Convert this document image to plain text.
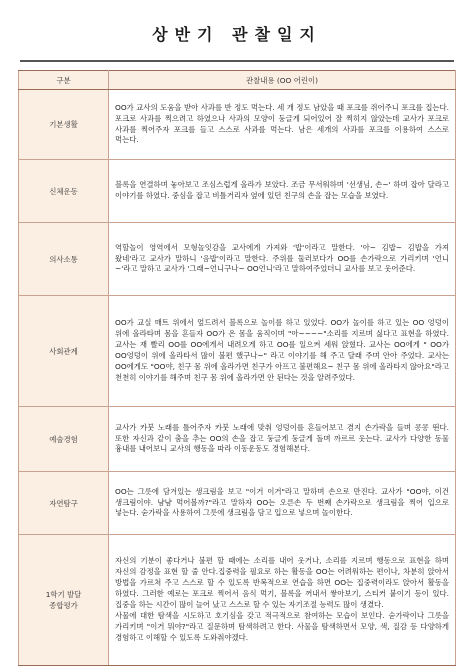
상반기 관찰일지
구분	관찰내용 (OO 어린이)
기본생활	OO가 교사의 도움을 받아 사과를 반 정도 먹는다. 세 개 정도 남았을 때 포크를 쥐어주니 포크를 집는다. 포크로 사과를 찍으려고 하였으나 사과의 모양이 둥글게 되어있어 잘 찍히지 않았는데 교사가 포크로 사과를 찍어주자 포크를 들고 스스로 사과를 먹는다. 남은 세개의 사과를 포크를 이용하여 스스로 먹는다.
신체운동	블록을 연결하며 놓아보고 조심스럽게 올라가 보았다. 조금 무서워하며 '선생님, 손~' 하며 잡아 달라고 이야기를 하였다. 중심을 잡고 비틀거리자 옆에 있던 친구의 손을 잡는 모습을 보였다.
의사소통	역할놀이 영역에서 모형놀잇감을 교사에게 가져와 '밥'이라고 말한다. '아~ 김밥~ 김밥을 가져 왔네'라고 교사가 말하니 '음밥'이라고 말한다. 주위를 둘러보다가 OO를 손가락으로 가리키며 '언니~'라고 말하고 교사가 '그래~언니구나~ OO언니'라고 말하여주었더니 교사를 보고 웃어준다.
사회관계	OO가 교실 매트 위에서 엎드려서 블록으로 놀이를 하고 있었다. OO가 놀이를 하고 있는 OO 엉덩이 위에 올라타며 몸을 흔들자 OO가 온 몸을 움직이며 "아~~~~"소리를 지르며 싫다고 표현을 하였다. 교사는 재 빨리 OO를 OO에게서 내려오게 하고 OO를 일으켜 세워 앉혔다. 교사는 OO에게 " OO가 OO엉덩이 위에 올라타서 많이 불편 했구나~" 라고 이야기를 해 주고 달래 주며 안아 주었다. 교사는 OO에게도 "OO야, 친구 몸 위에 올라가면 친구가 아프고 불편해요~ 친구 몸 위에 올라타지 않아요"라고 천천히 이야기를 해주며 친구 몸 위에 올라가면 안 된다는 것을 알려주었다.
예술경험	교사가 카붓 노래를 틀어주자 카붓 노래에 맞춰 엉덩이를 흔들어보고 겸지 손가락을 들며 콩콩 뛴다. 또한 자신과 같이 춤을 추는 OO의 손을 잡고 둥글게 둥글게 돌며 까르르 웃는다. 교사가 다양한 동물 흉내를 내어보니 교사의 행동을 따라 이동운동도 경험해본다.
자연탐구	OO는 그릇에 담겨있는 생크림을 보고 "이거 이거"라고 말하며 손으로 만진다. 교사가 "OO야, 이건 생크림이야. 냠냠 먹어볼까?"라고 말하자 OO는 오른손 두 번째 손가락으로 생크림을 찍어 입으로 넣는다. 숟가락을 사용하여 그릇에 생크림을 담고 입으로 넣으며 놀이한다.
1학기 발달
종합평가	자신의 기분이 좋다거나 불편 할 때에는 소리를 내어 웃거나, 소리를 지르며 행동으로 표현을 하며 자신의 감정을 표현 할 줄 안다.집중력을 필요로 하는 활동을 OO는 어려워하는 편이나, 차분히 앉아서 방법을 가르쳐 주고 스스로 할 수 있도록 반복적으로 연습을 하면 OO는 집중력이라도 앉아서 활동을 하였다. 그러한 예로는 포크로 찍어서 음식 먹기, 블록을 꺼내서 쌓아보기, 스티커 붙이기 등이 있다. 집중을 하는 시간이 많이 늘어 났고 스스로 할 수 있는 자기조절 능력도 많이 생겼다.
사물에 대한 탐색을 시도하고 호기심을 갖고 적극적으로 참여하는 모습이 보인다. 숟가락이나 그릇을 가리키며 "이거 뭐야?"라고 질문하며 탐색하려고 한다. 사물을 탐색하면서 모양, 색, 질감 등 다양하게 경험하고 이해할 수 있도록 도와줘야겠다.
